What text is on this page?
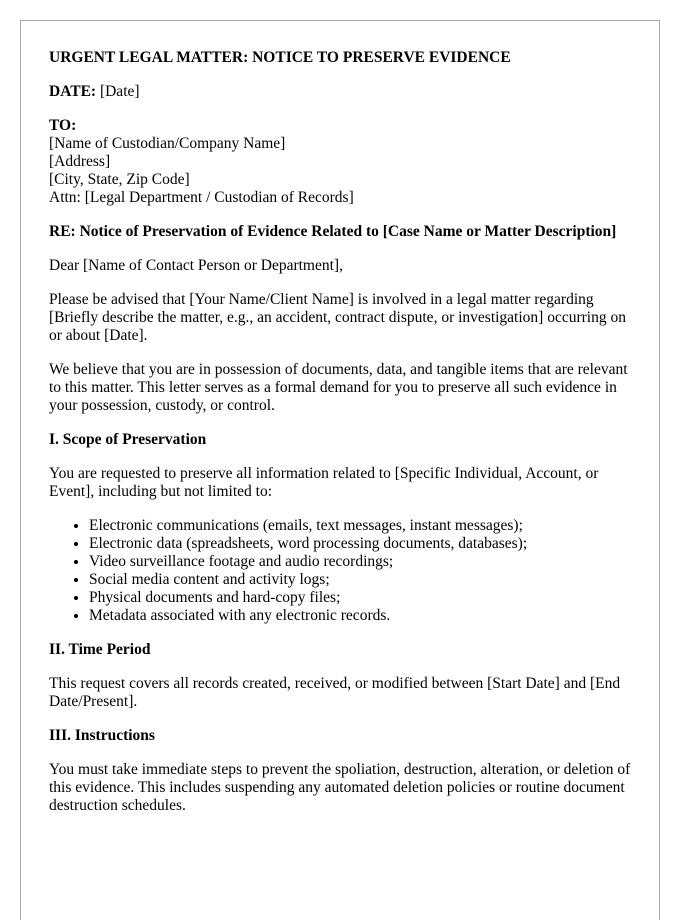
URGENT LEGAL MATTER: NOTICE TO PRESERVE EVIDENCE
DATE: [Date]
TO:
[Name of Custodian/Company Name]
[Address]
[City, State, Zip Code]
Attn: [Legal Department / Custodian of Records]
RE: Notice of Preservation of Evidence Related to [Case Name or Matter Description]
Dear [Name of Contact Person or Department],
Please be advised that [Your Name/Client Name] is involved in a legal matter regarding [Briefly describe the matter, e.g., an accident, contract dispute, or investigation] occurring on or about [Date].
We believe that you are in possession of documents, data, and tangible items that are relevant to this matter. This letter serves as a formal demand for you to preserve all such evidence in your possession, custody, or control.
I. Scope of Preservation
You are requested to preserve all information related to [Specific Individual, Account, or Event], including but not limited to:
• Electronic communications (emails, text messages, instant messages);
• Electronic data (spreadsheets, word processing documents, databases);
• Video surveillance footage and audio recordings;
• Social media content and activity logs;
• Physical documents and hard-copy files;
• Metadata associated with any electronic records.
II. Time Period
This request covers all records created, received, or modified between [Start Date] and [End Date/Present].
III. Instructions
You must take immediate steps to prevent the spoliation, destruction, alteration, or deletion of this evidence. This includes suspending any automated deletion policies or routine document destruction schedules.
